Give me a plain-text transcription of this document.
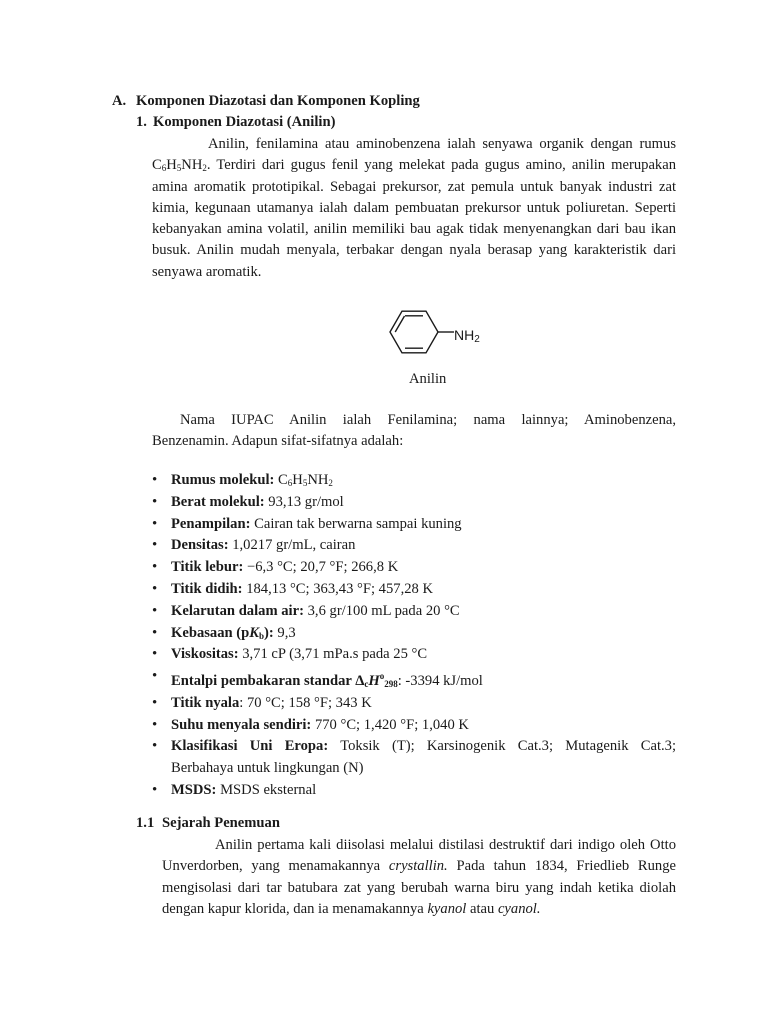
A. Komponen Diazotasi dan Komponen Kopling
1. Komponen Diazotasi (Anilin)
Anilin, fenilamina atau aminobenzena ialah senyawa organik dengan rumus
$C_6H_5NH_2$. Terdiri dari gugus fenil yang melekat pada gugus amino, anilin merupakan
amina aromatik prototipikal. Sebagai prekursor, zat pemula untuk banyak industri zat
kimia, kegunaan utamanya ialah dalam pembuatan prekursor untuk poliuretan. Seperti
kebanyakan amina volatil, anilin memiliki bau agak tidak menyenangkan dari bau ikan
busuk. Anilin mudah menyala, terbakar dengan nyala berasap yang karakteristik dari
senyawa aromatik.
$NH_2$
Anilin
Nama IUPAC Anilin ialah Fenilamina; nama lainnya; Aminobenzena,
Benzenamin. Adapun sifat-sifatnya adalah:
• Rumus molekul: $C_6H_5NH_2$
• Berat molekul: 93,13 gr/mol
• Penampilan: Cairan tak berwarna sampai kuning
• Densitas: 1,0217 gr/mL, cairan
• Titik lebur: −6,3 °C; 20,7 °F; 266,8 K
• Titik didih: 184,13 °C; 363,43 °F; 457,28 K
• Kelarutan dalam air: 3,6 gr/100 mL pada 20 °C
• Kebasaan $(pK_b)$: 9,3
• Viskositas: 3,71 cP (3,71 mPa.s pada 25 °C
• Entalpi pembakaran standar $\Delta_cH^o_{298}$: -3394 kJ/mol
• Titik nyala: 70 °C; 158 °F; 343 K
• Suhu menyala sendiri: 770 °C; 1,420 °F; 1,040 K
• Klasifikasi Uni Eropa: Toksik (T); Karsinogenik Cat.3; Mutagenik Cat.3;
Berbahaya untuk lingkungan (N)
• MSDS: MSDS eksternal
1.1 Sejarah Penemuan
Anilin pertama kali diisolasi melalui distilasi destruktif dari indigo oleh Otto
Unverdorben, yang menamakannya crystallin. Pada tahun 1834, Friedlieb Runge
mengisolasi dari tar batubara zat yang berubah warna biru yang indah ketika diolah
dengan kapur klorida, dan ia menamakannya kyanol atau cyanol.
